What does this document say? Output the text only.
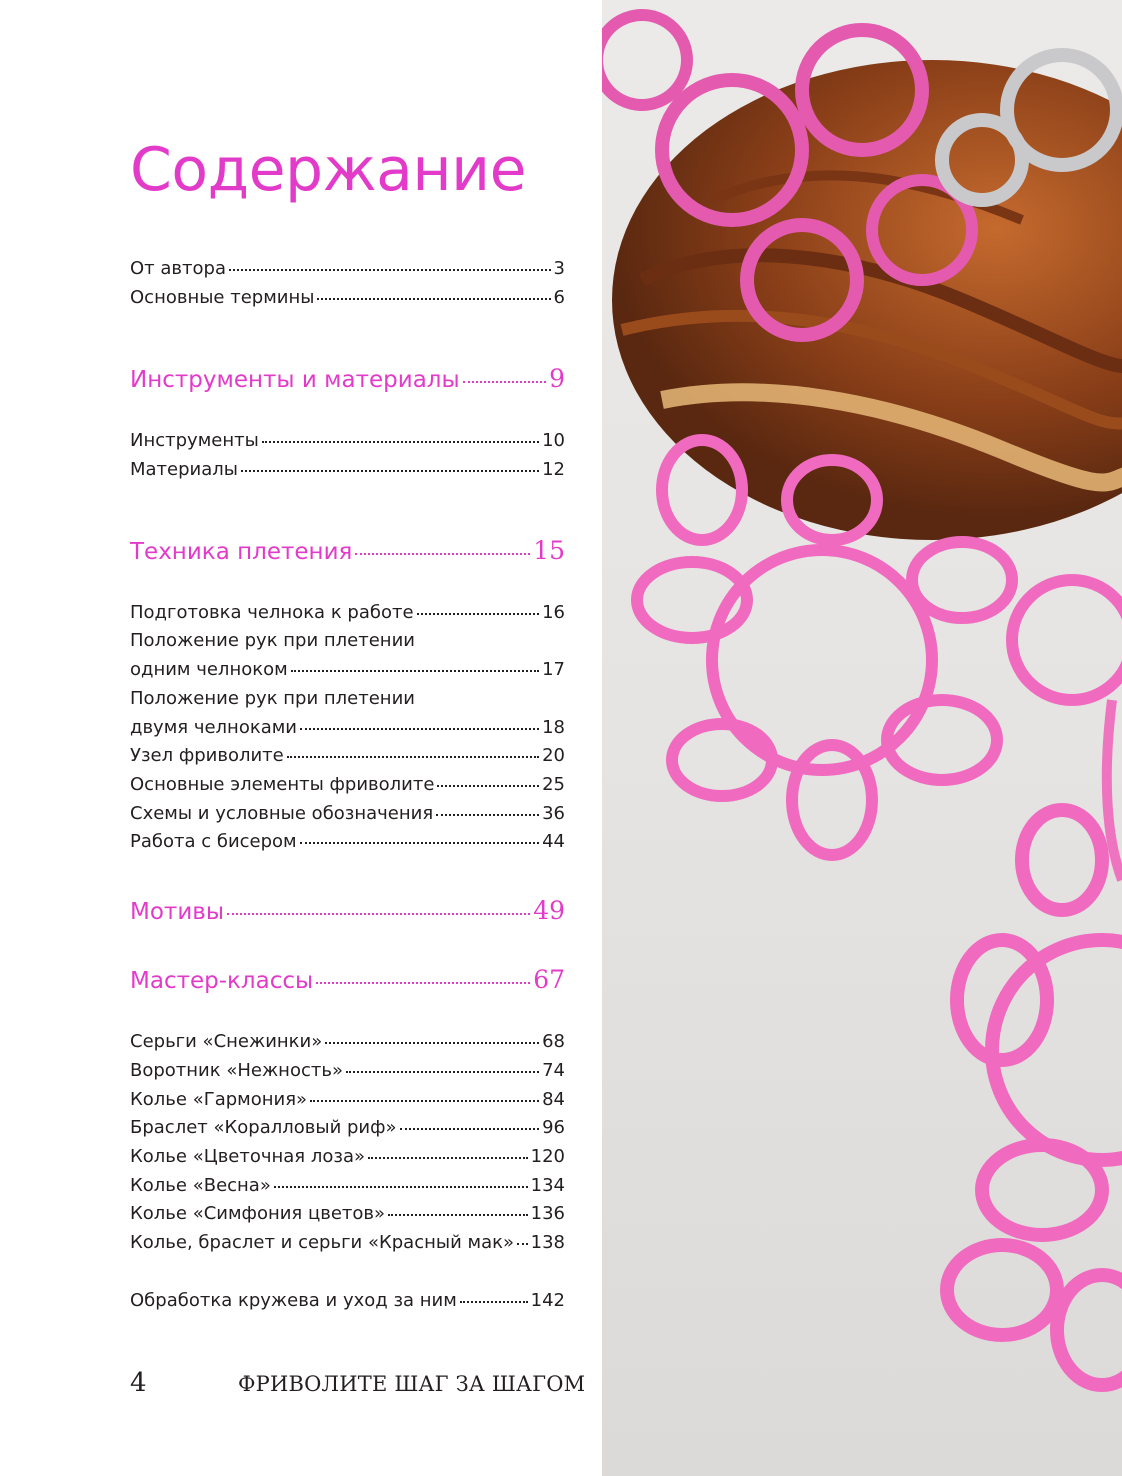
Содержание
От автора	3
Основные термины	6
Инструменты и материалы	9
Инструменты	10
Материалы	12
Техника плетения	15
Подготовка челнока к работе	16
Положение рук при плетении
одним челноком	17
Положение рук при плетении
двумя челноками	18
Узел фриволите	20
Основные элементы фриволите	25
Схемы и условные обозначения	36
Работа с бисером	44
Мотивы	49
Мастер-классы	67
Серьги «Снежинки»	68
Воротник «Нежность»	74
Колье «Гармония»	84
Браслет «Коралловый риф»	96
Колье «Цветочная лоза»	120
Колье «Весна»	134
Колье «Симфония цветов»	136
Колье, браслет и серьги «Красный мак» 138
Обработка кружева и уход за ним	142
4	ФРИВОЛИТЕ ШАГ ЗА ШАГОМ
